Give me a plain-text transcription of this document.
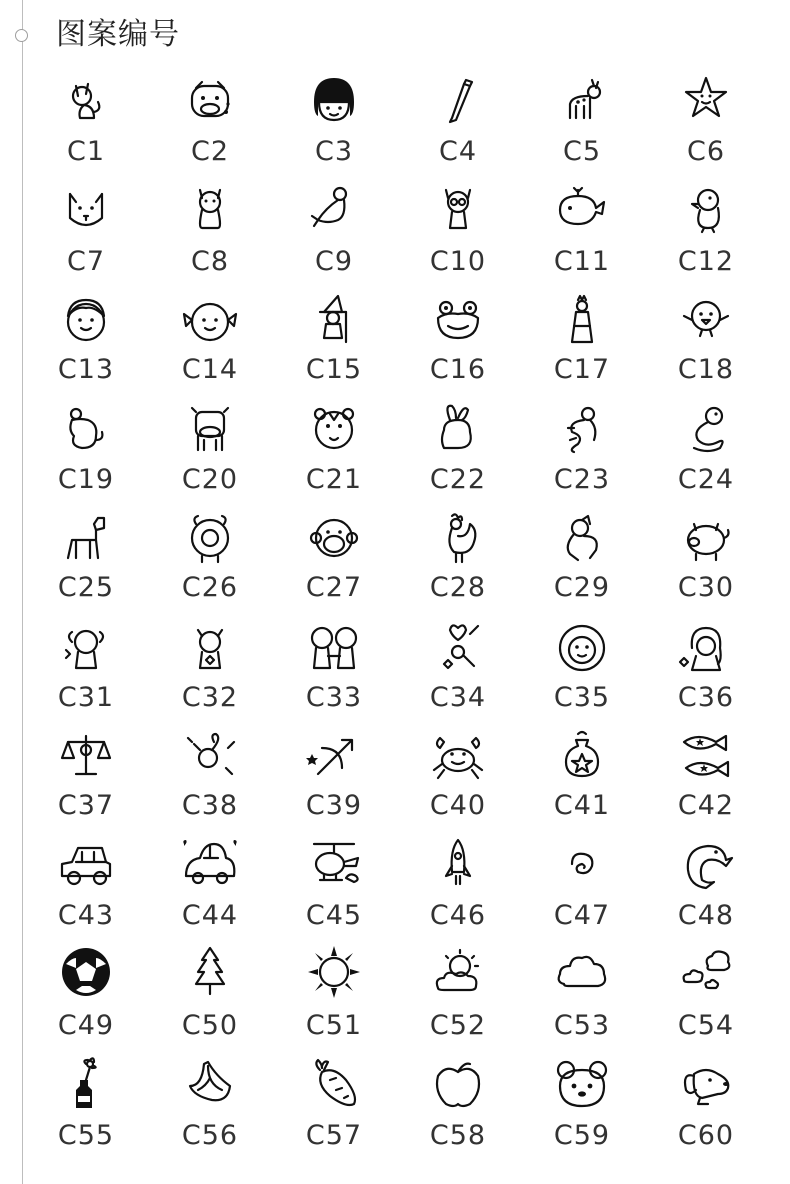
图案编号
C1	C2	C3	C4	C5	C6
C7	C8	C9	C10	C11	C12
C13	C14	C15	C16	C17	C18
C19	C20	C21	C22	C23	C24
C25	C26	C27	C28	C29	C30
C31	C32	C33	C34	C35	C36
C37	C38	C39	C40	C41	C42
C43	C44	C45	C46	C47	C48
C49	C50	C51	C52	C53	C54
C55	C56	C57	C58	C59	C60
